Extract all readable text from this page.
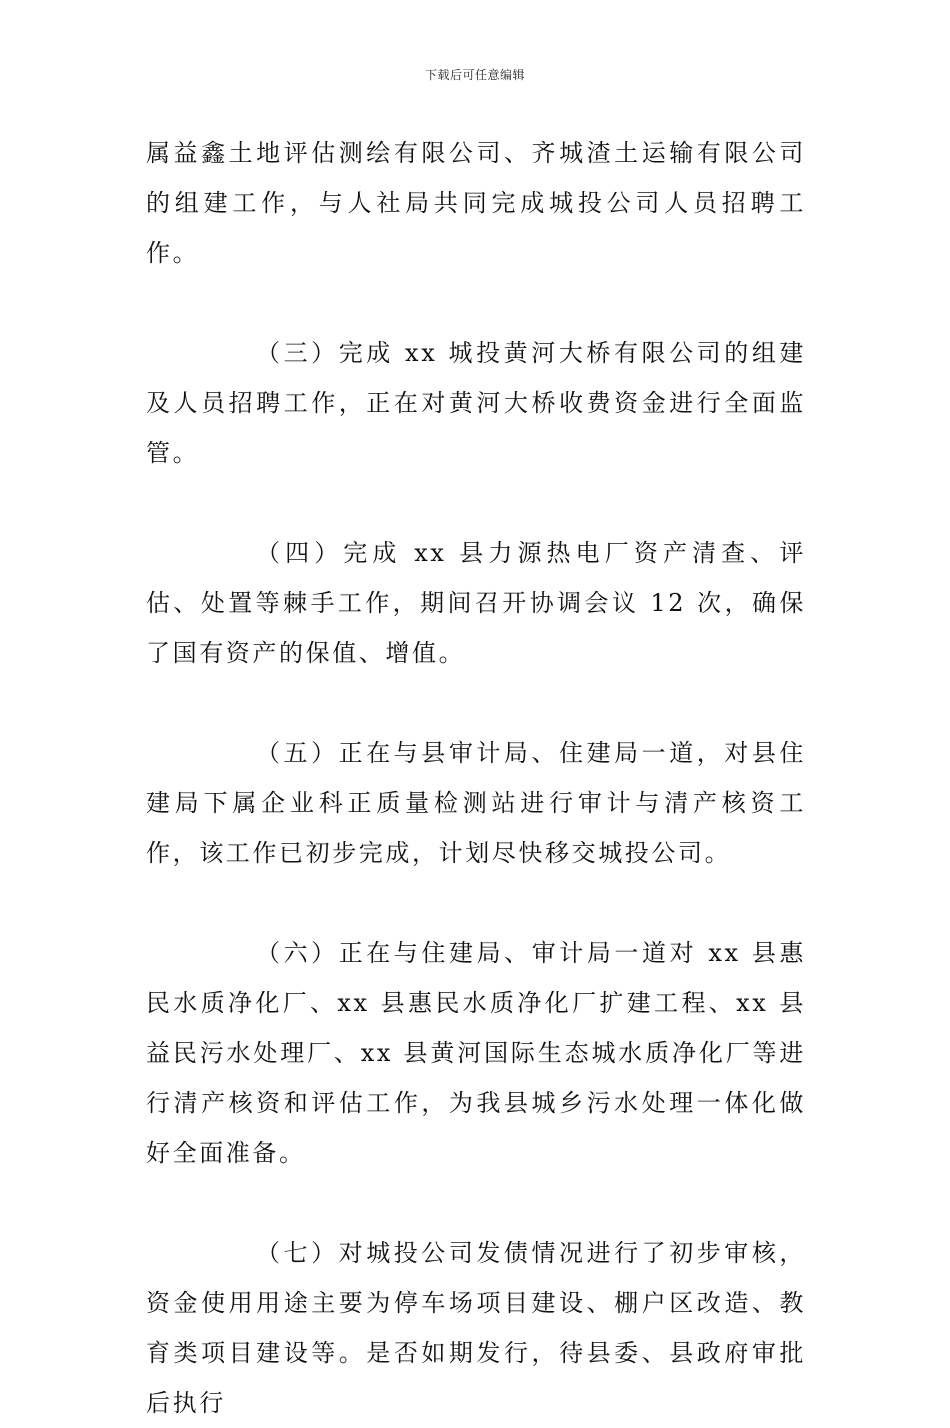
下载后可任意编辑

属益鑫土地评估测绘有限公司、齐城渣土运输有限公司的组建工作，与人社局共同完成城投公司人员招聘工作。

（三）完成 xx 城投黄河大桥有限公司的组建及人员招聘工作，正在对黄河大桥收费资金进行全面监管。

（四）完成 xx 县力源热电厂资产清查、评估、处置等棘手工作，期间召开协调会议 12 次，确保了国有资产的保值、增值。

（五）正在与县审计局、住建局一道，对县住建局下属企业科正质量检测站进行审计与清产核资工作，该工作已初步完成，计划尽快移交城投公司。

（六）正在与住建局、审计局一道对 xx 县惠民水质净化厂、xx 县惠民水质净化厂扩建工程、xx 县益民污水处理厂、xx 县黄河国际生态城水质净化厂等进行清产核资和评估工作，为我县城乡污水处理一体化做好全面准备。

（七）对城投公司发债情况进行了初步审核，资金使用用途主要为停车场项目建设、棚户区改造、教育类项目建设等。是否如期发行，待县委、县政府审批后执行
